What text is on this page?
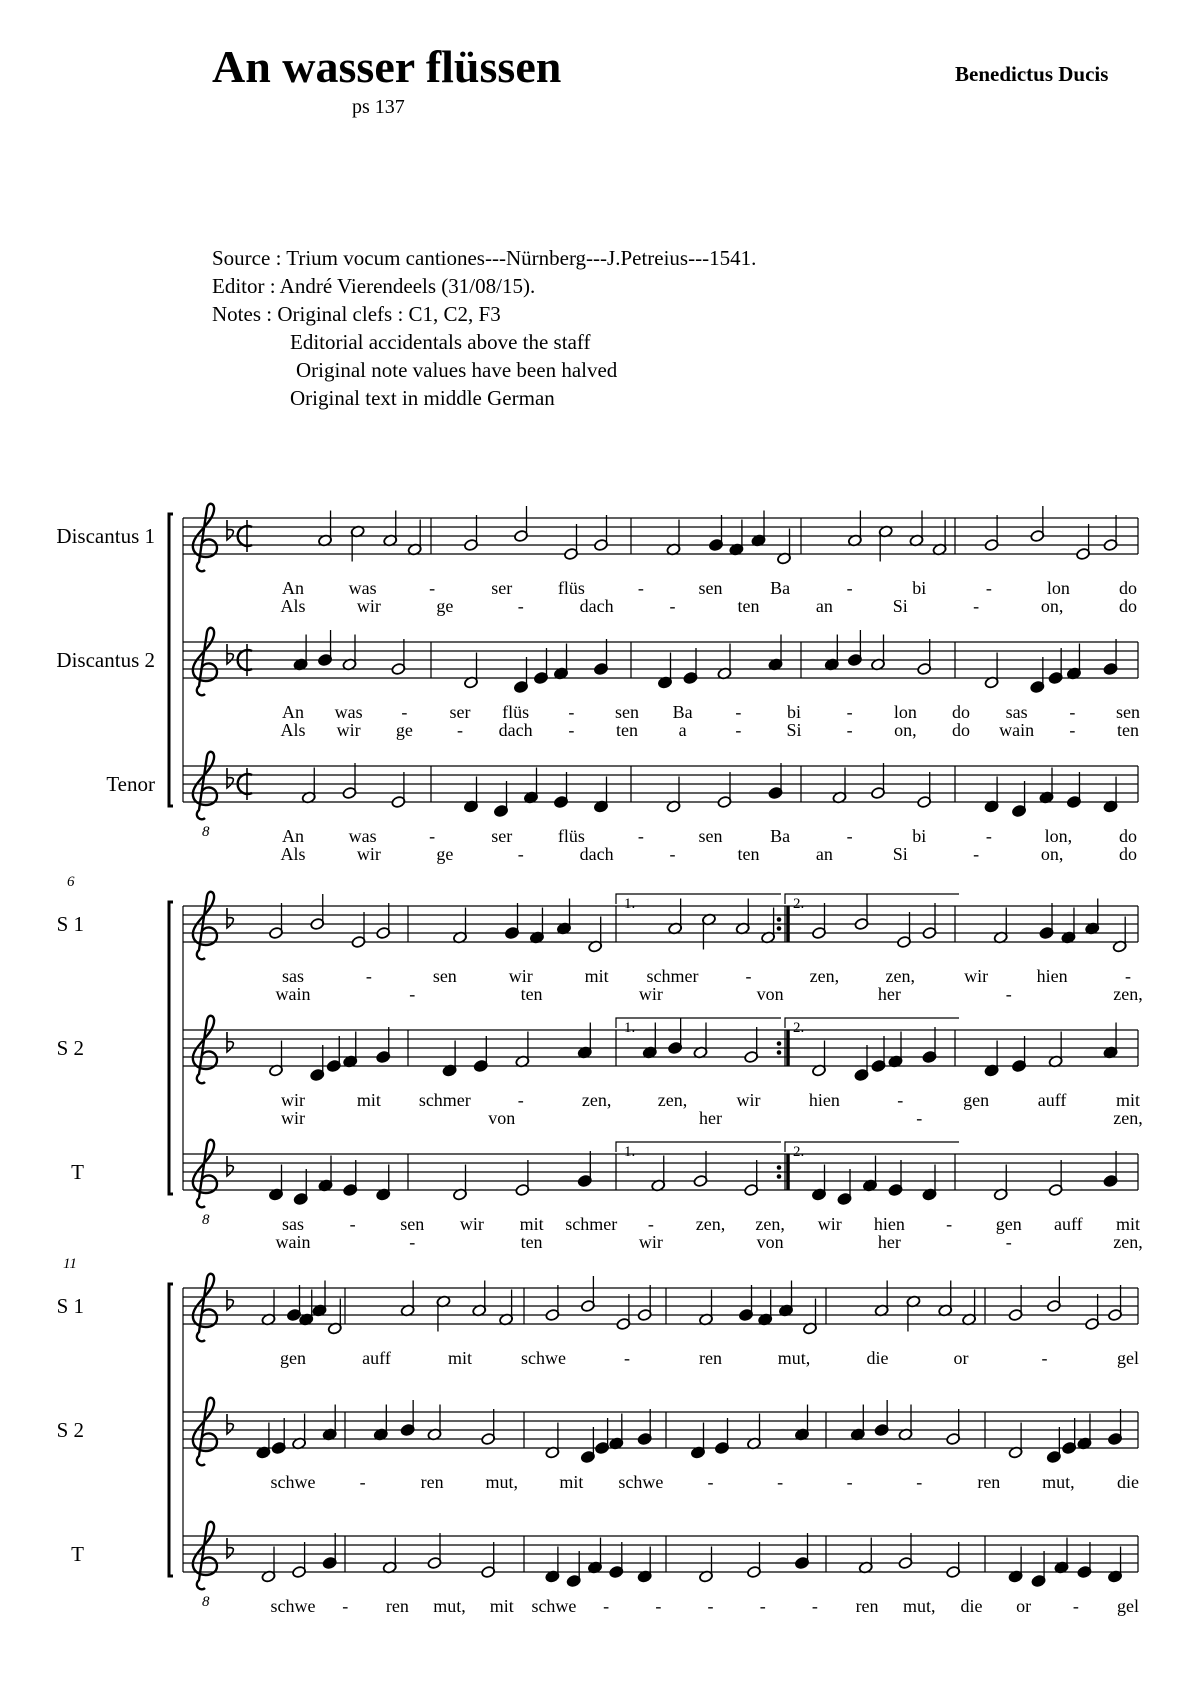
An wasser flüssen
ps 137
Benedictus Ducis
Source : Trium vocum cantiones---Nürnberg---J.Petreius---1541.
Editor : André Vierendeels (31/08/15).
Notes : Original clefs : C1, C2, F3
Editorial accidentals above the staff
Original note values have been halved
Original text in middle German
Discantus 1
An was	-	ser	flüs	-	sen	Ba	-	bi	-	lon	do
Als	wir	ge	-	dach	-	ten	an	Si	-	on,	do
Discantus 2
An was - ser flüs - sen Ba -	bi	- lon do sas - sen
Als wir ge - dach - ten a	-	Si	- on, do wain - ten
Tenor
8	An was	-	ser	flüs	-	sen	Ba	-	bi	-	lon,	do
Als	wir	ge	-	dach	-	ten	an	Si	-	on,	do
6
S 1
sas	-	sen	wir	mit schmer	-	zen,	zen,	wir	hien	-
wain	-	ten	wir	von	her	-	zen,
1.	2.
S 2
wir	mit schmer	-	zen,	zen,	wir	hien	-	gen	auff	mit
wir	von	her	-	zen,
1.	2.
T
8	sas	- sen wir mit schmer - zen, zen, wir hien - gen auff mit
wain	-	ten	wir	von	her	-	zen,
1.	2.
11
S 1
gen	auff	mit	schwe	-	ren	mut,	die	or	-	gel
S 2
schwe -	ren mut, mit schwe -	-	-	-	ren mut, die
T
8	schwe - ren mut, mit schwe -	-	-	-	- ren mut, die or - gel
